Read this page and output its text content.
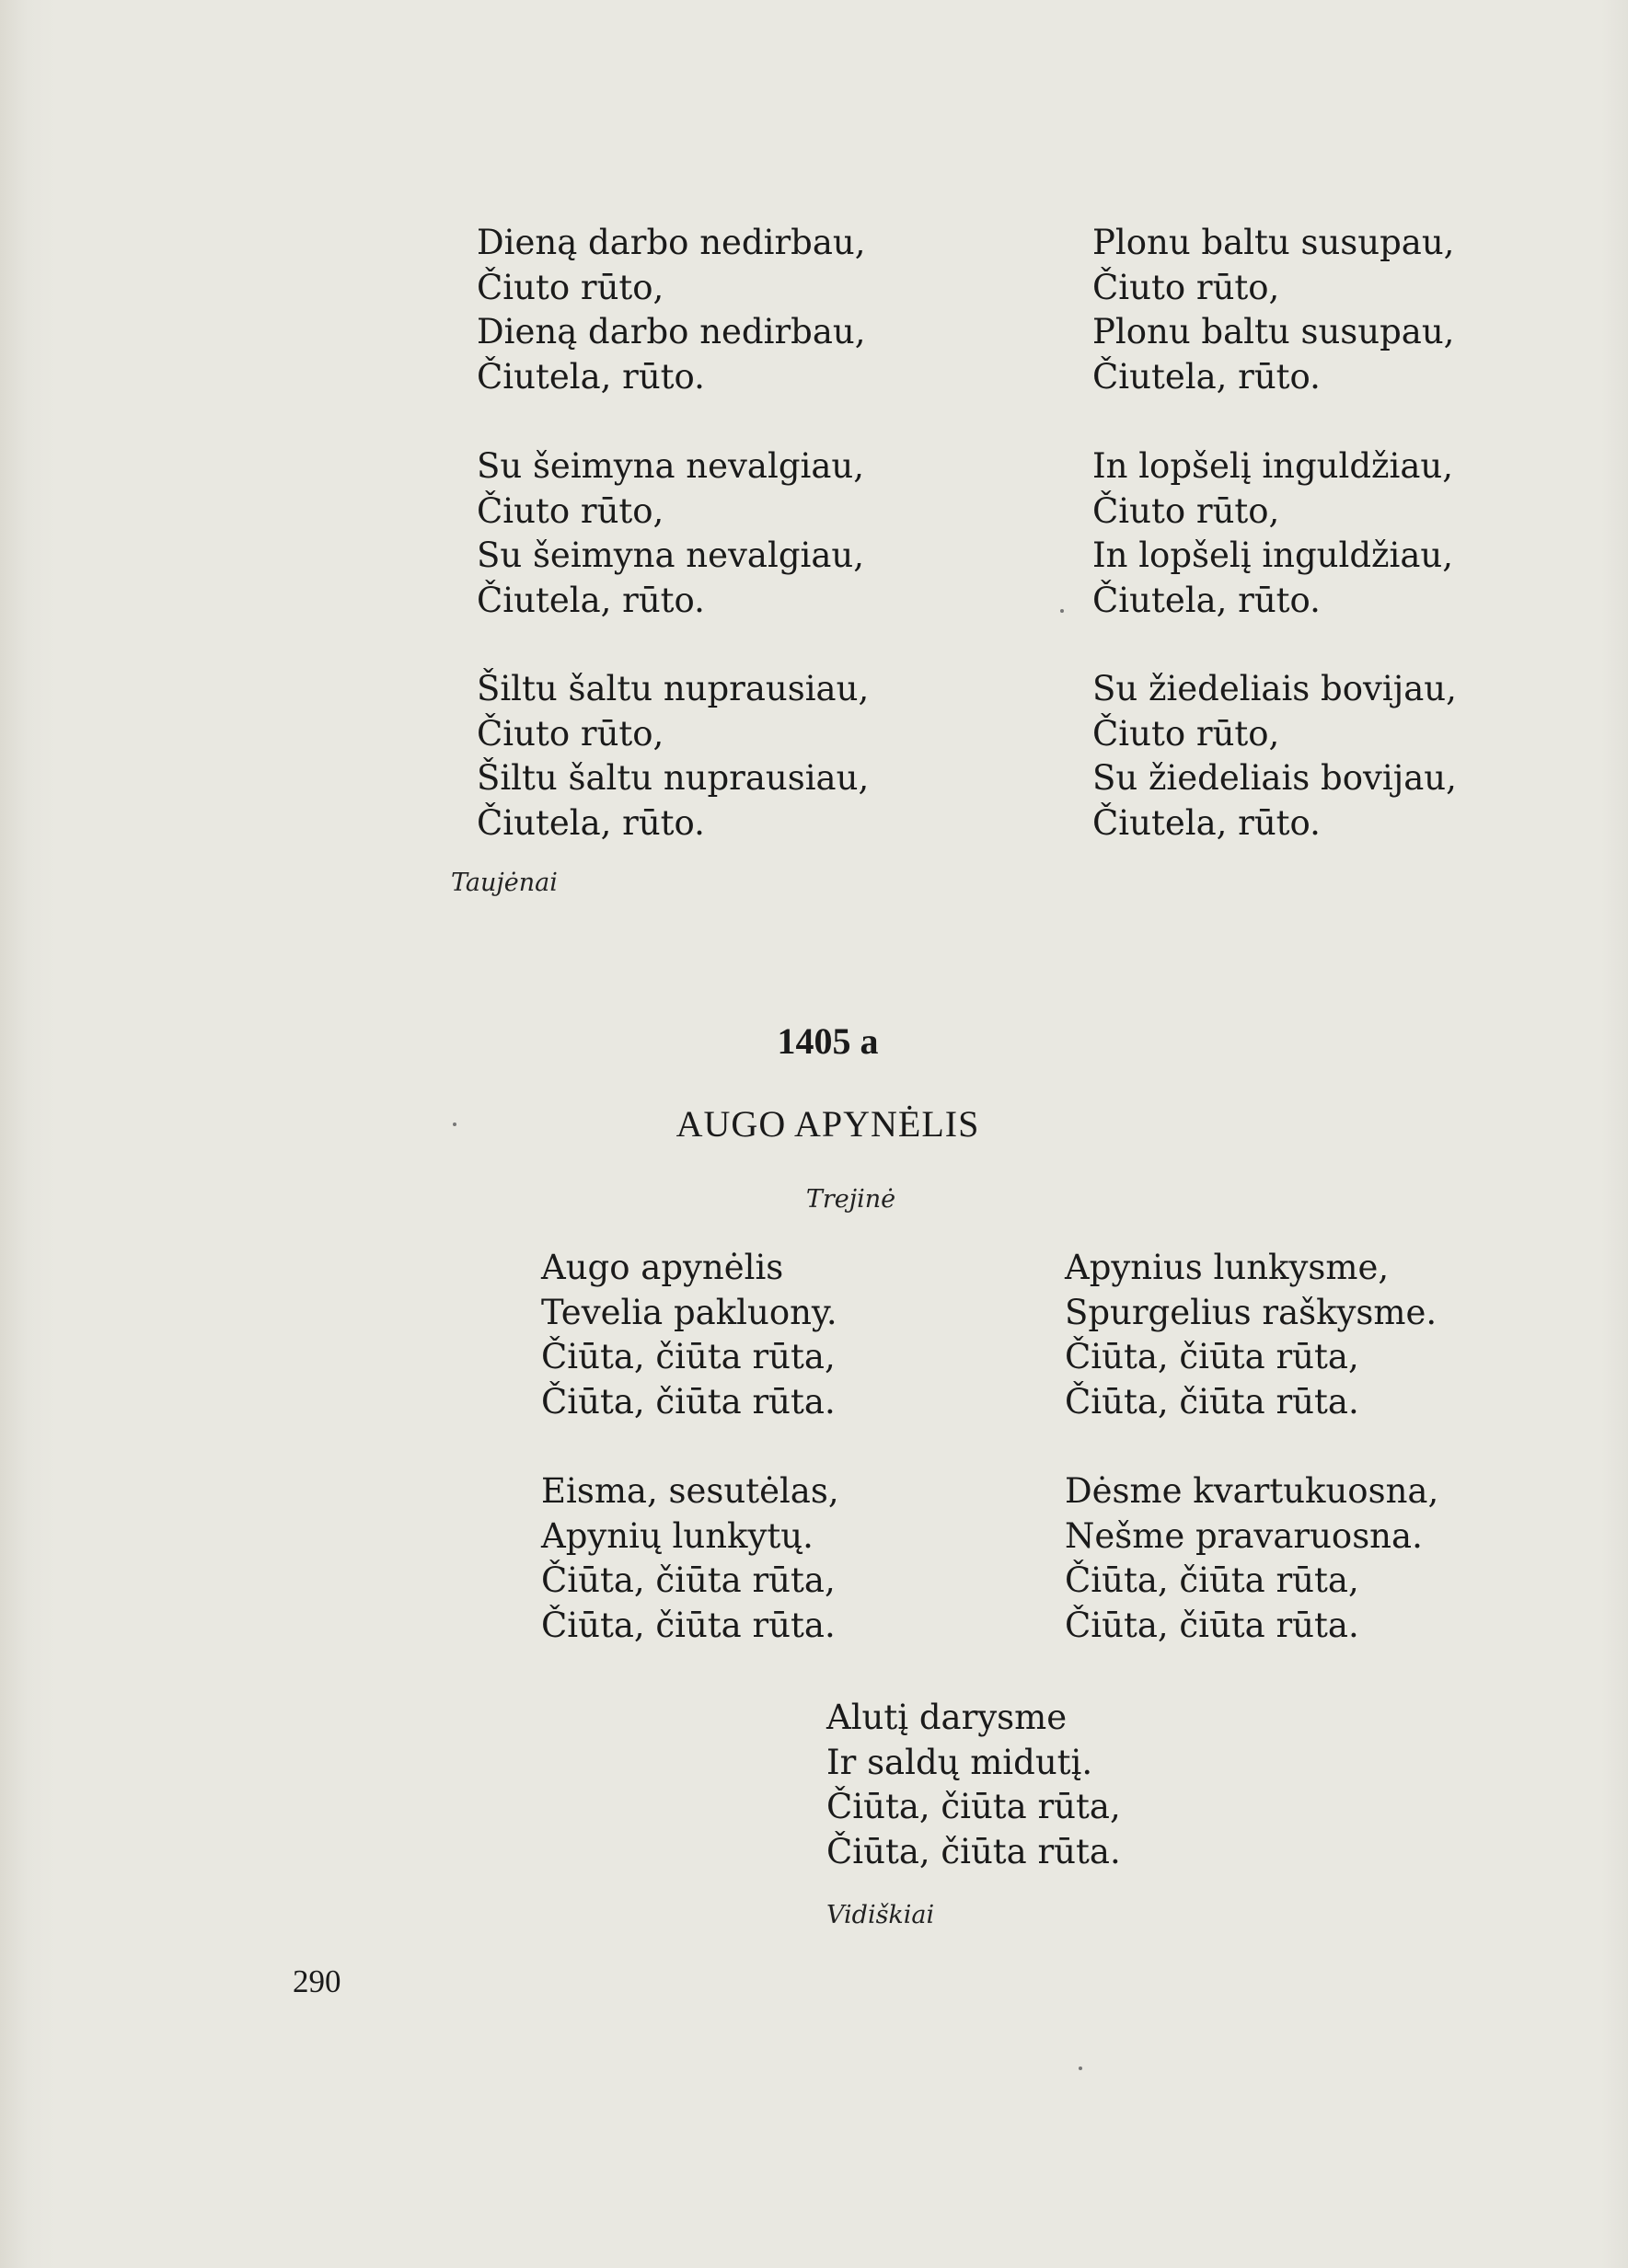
Dieną darbo nedirbau,
Čiuto rūto,
Dieną darbo nedirbau,
Čiutela, rūto.
Su šeimyna nevalgiau,
Čiuto rūto,
Su šeimyna nevalgiau,
Čiutela, rūto.
Šiltu šaltu nuprausiau,
Čiuto rūto,
Šiltu šaltu nuprausiau,
Čiutela, rūto.
Plonu baltu susupau,
Čiuto rūto,
Plonu baltu susupau,
Čiutela, rūto.
In lopšelį inguldžiau,
Čiuto rūto,
In lopšelį inguldžiau,
Čiutela, rūto.
Su žiedeliais bovijau,
Čiuto rūto,
Su žiedeliais bovijau,
Čiutela, rūto.
Taujėnai
1405 a
AUGO APYNĖLIS
Trejinė
Augo apynėlis
Tevelia pakluony.
Čiūta, čiūta rūta,
Čiūta, čiūta rūta.
Eisma, sesutėlas,
Apynių lunkytų.
Čiūta, čiūta rūta,
Čiūta, čiūta rūta.
Apynius lunkysme,
Spurgelius raškysme.
Čiūta, čiūta rūta,
Čiūta, čiūta rūta.
Dėsme kvartukuosna,
Nešme pravaruosna.
Čiūta, čiūta rūta,
Čiūta, čiūta rūta.
Alutį darysme
Ir saldų midutį.
Čiūta, čiūta rūta,
Čiūta, čiūta rūta.
Vidiškiai
290
